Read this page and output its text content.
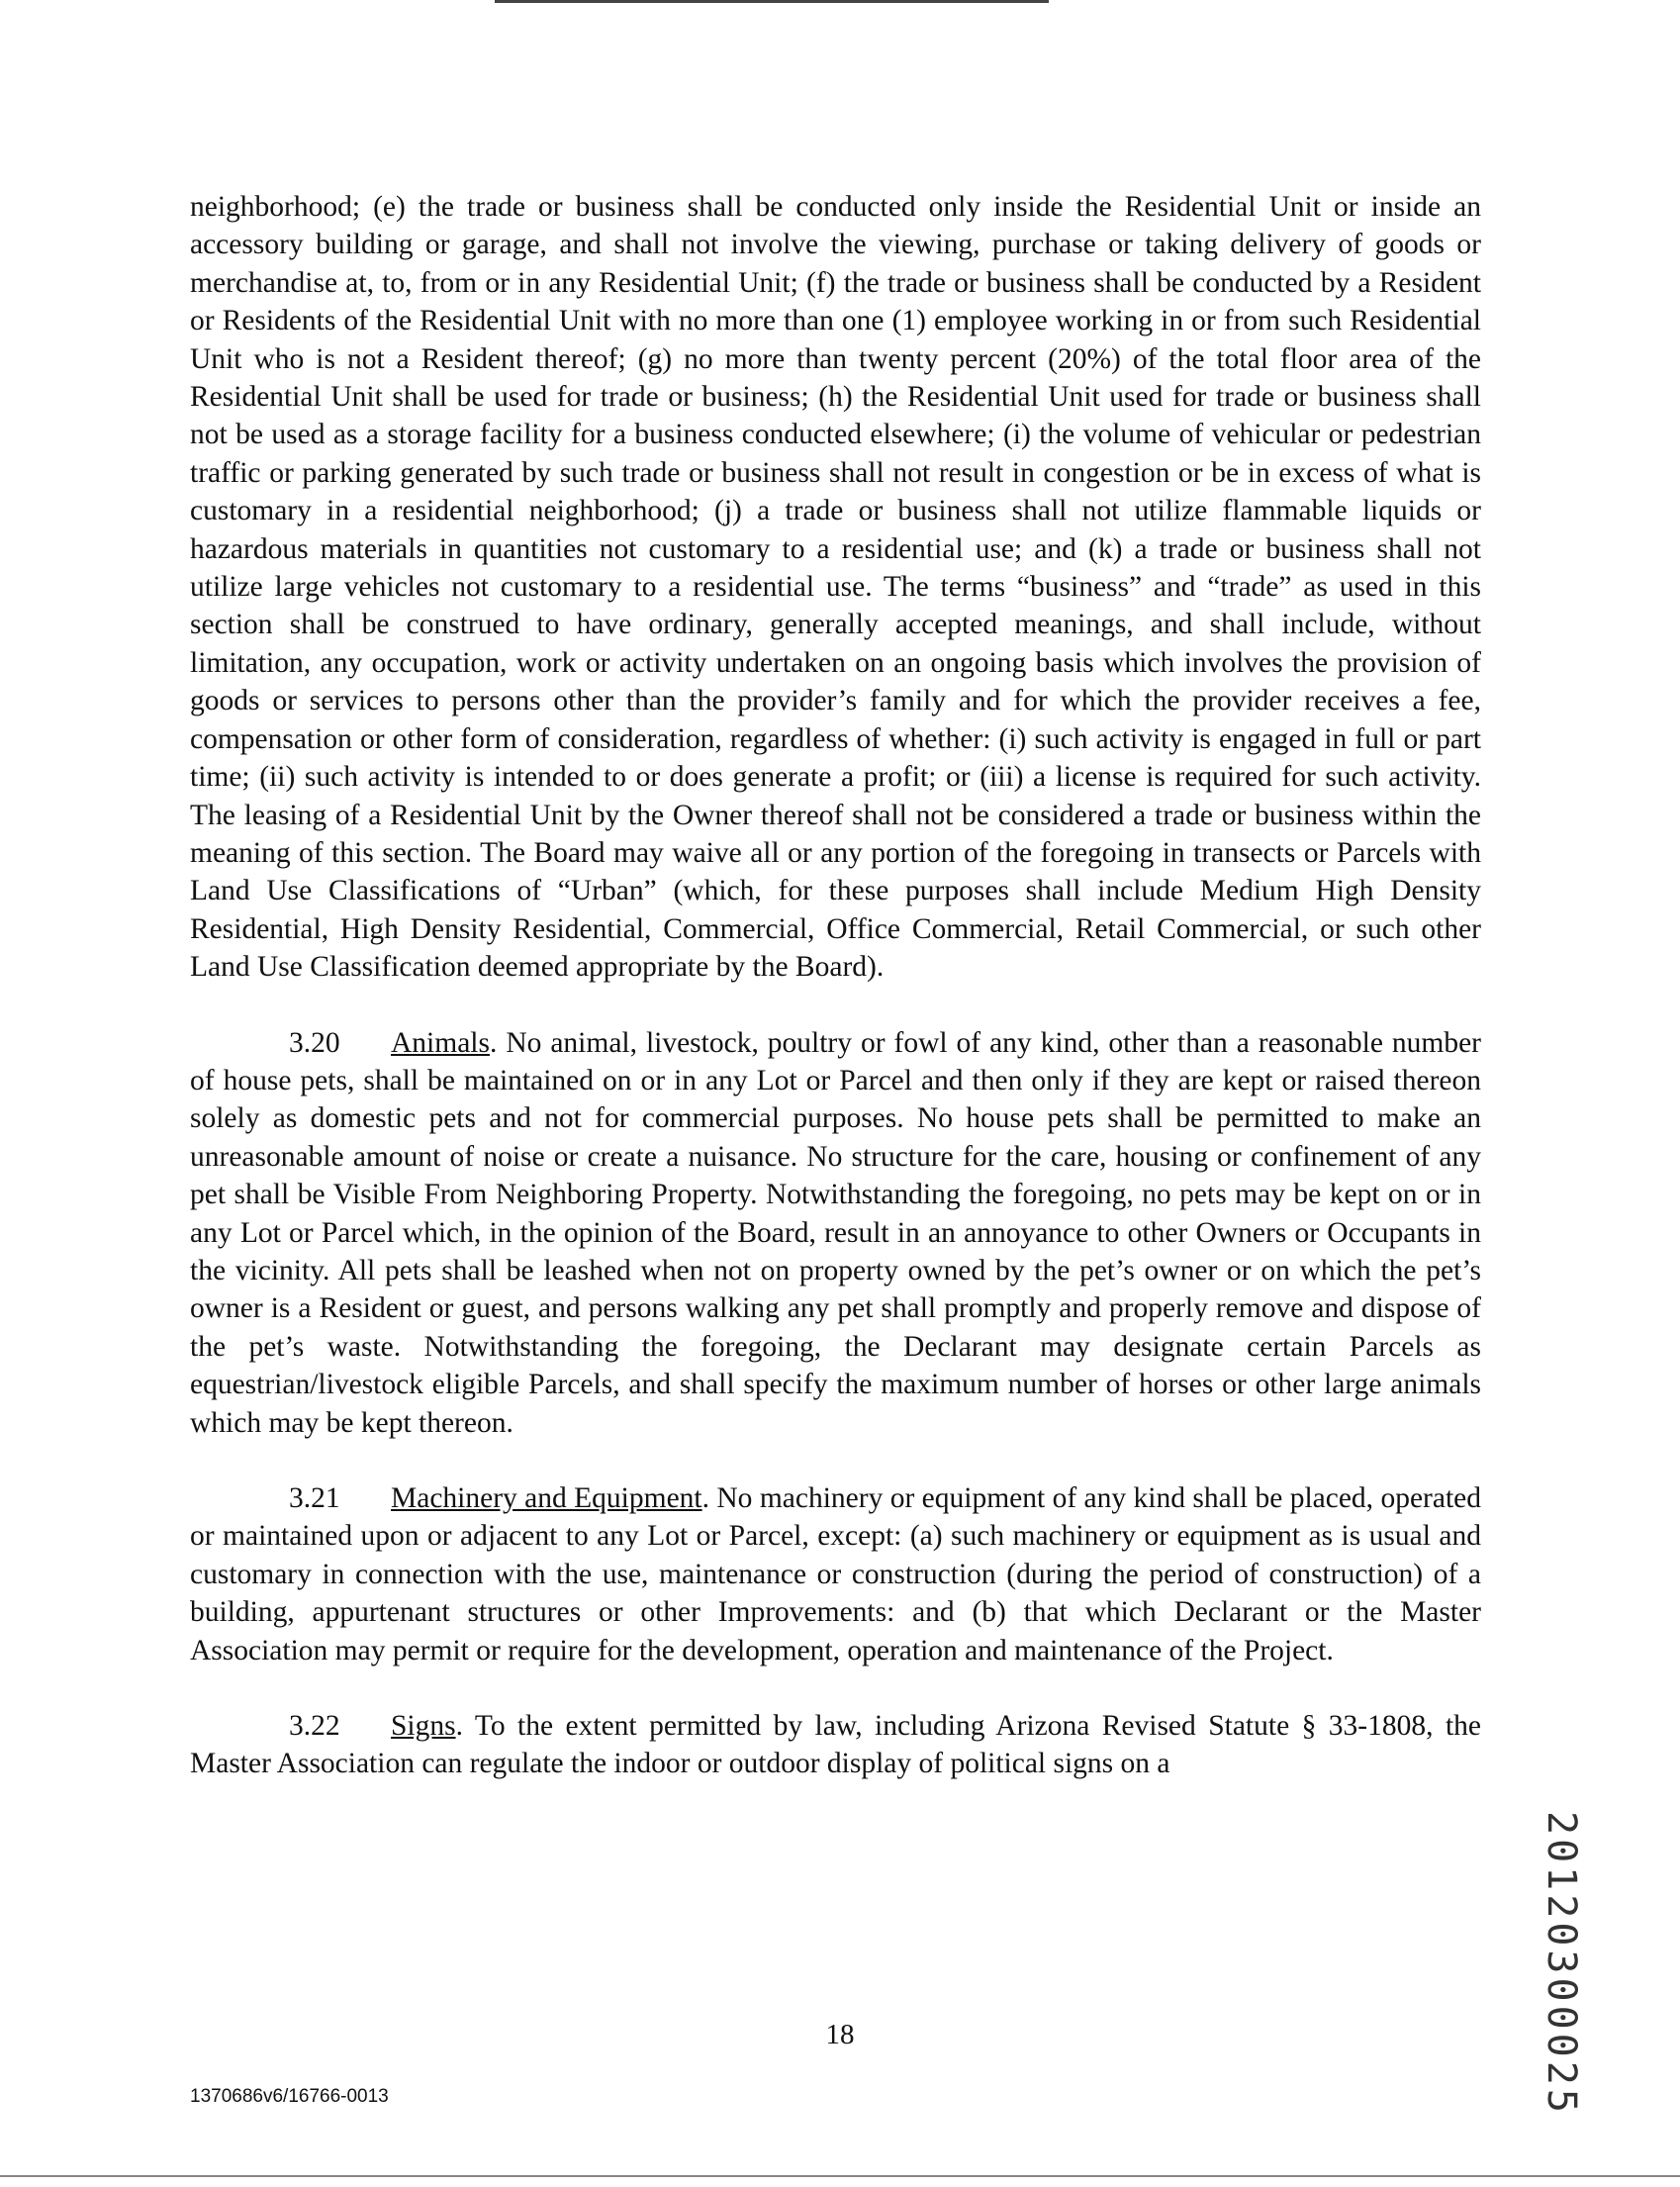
neighborhood; (e) the trade or business shall be conducted only inside the Residential Unit or inside an accessory building or garage, and shall not involve the viewing, purchase or taking delivery of goods or merchandise at, to, from or in any Residential Unit; (f) the trade or business shall be conducted by a Resident or Residents of the Residential Unit with no more than one (1) employee working in or from such Residential Unit who is not a Resident thereof; (g) no more than twenty percent (20%) of the total floor area of the Residential Unit shall be used for trade or business; (h) the Residential Unit used for trade or business shall not be used as a storage facility for a business conducted elsewhere; (i) the volume of vehicular or pedestrian traffic or parking generated by such trade or business shall not result in congestion or be in excess of what is customary in a residential neighborhood; (j) a trade or business shall not utilize flammable liquids or hazardous materials in quantities not customary to a residential use; and (k) a trade or business shall not utilize large vehicles not customary to a residential use. The terms “business” and “trade” as used in this section shall be construed to have ordinary, generally accepted meanings, and shall include, without limitation, any occupation, work or activity undertaken on an ongoing basis which involves the provision of goods or services to persons other than the provider’s family and for which the provider receives a fee, compensation or other form of consideration, regardless of whether: (i) such activity is engaged in full or part time; (ii) such activity is intended to or does generate a profit; or (iii) a license is required for such activity. The leasing of a Residential Unit by the Owner thereof shall not be considered a trade or business within the meaning of this section. The Board may waive all or any portion of the foregoing in transects or Parcels with Land Use Classifications of “Urban” (which, for these purposes shall include Medium High Density Residential, High Density Residential, Commercial, Office Commercial, Retail Commercial, or such other Land Use Classification deemed appropriate by the Board).

3.20 Animals. No animal, livestock, poultry or fowl of any kind, other than a reasonable number of house pets, shall be maintained on or in any Lot or Parcel and then only if they are kept or raised thereon solely as domestic pets and not for commercial purposes. No house pets shall be permitted to make an unreasonable amount of noise or create a nuisance. No structure for the care, housing or confinement of any pet shall be Visible From Neighboring Property. Notwithstanding the foregoing, no pets may be kept on or in any Lot or Parcel which, in the opinion of the Board, result in an annoyance to other Owners or Occupants in the vicinity. All pets shall be leashed when not on property owned by the pet’s owner or on which the pet’s owner is a Resident or guest, and persons walking any pet shall promptly and properly remove and dispose of the pet’s waste. Notwithstanding the foregoing, the Declarant may designate certain Parcels as equestrian/livestock eligible Parcels, and shall specify the maximum number of horses or other large animals which may be kept thereon.

3.21 Machinery and Equipment. No machinery or equipment of any kind shall be placed, operated or maintained upon or adjacent to any Lot or Parcel, except: (a) such machinery or equipment as is usual and customary in connection with the use, maintenance or construction (during the period of construction) of a building, appurtenant structures or other Improvements: and (b) that which Declarant or the Master Association may permit or require for the development, operation and maintenance of the Project.

3.22 Signs. To the extent permitted by law, including Arizona Revised Statute § 33-1808, the Master Association can regulate the indoor or outdoor display of political signs on a

20120300025
18
1370686v6/16766-0013
